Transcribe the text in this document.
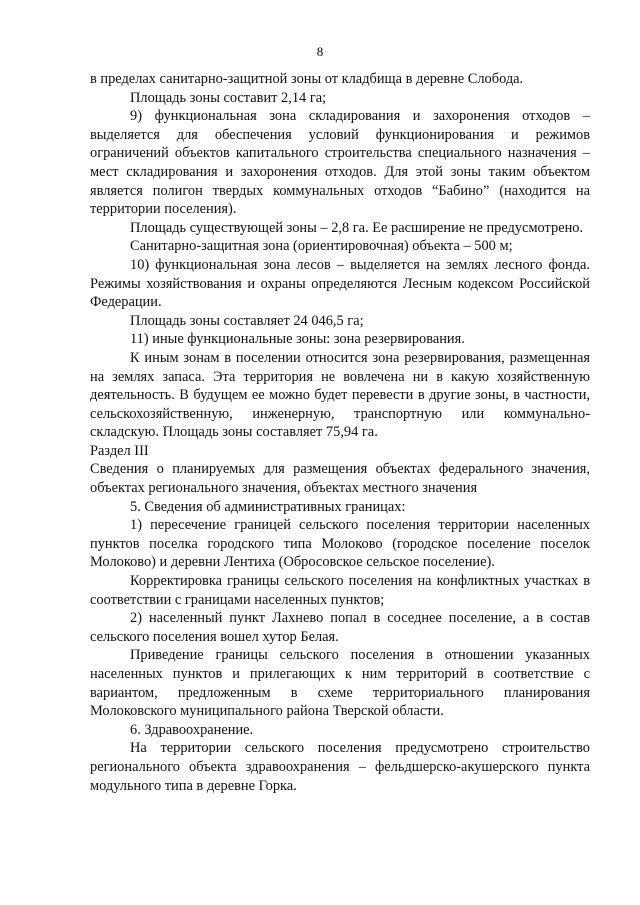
8

в пределах санитарно-защитной зоны от кладбища в деревне Слобода.

Площадь зоны составит 2,14 га;

9) функциональная зона складирования и захоронения отходов – выделяется для обеспечения условий функционирования и режимов ограничений объектов капитального строительства специального назначения – мест складирования и захоронения отходов. Для этой зоны таким объектом является полигон твердых коммунальных отходов “Бабино” (находится на территории поселения).

Площадь существующей зоны – 2,8 га. Ее расширение не предусмотрено.

Санитарно-защитная зона (ориентировочная) объекта – 500 м;

10) функциональная зона лесов – выделяется на землях лесного фонда. Режимы хозяйствования и охраны определяются Лесным кодексом Российской Федерации.

Площадь зоны составляет 24 046,5 га;

11) иные функциональные зоны: зона резервирования.

К иным зонам в поселении относится зона резервирования, размещенная на землях запаса. Эта территория не вовлечена ни в какую хозяйственную деятельность. В будущем ее можно будет перевести в другие зоны, в частности, сельскохозяйственную, инженерную, транспортную или коммунально-складскую. Площадь зоны составляет 75,94 га.

Раздел III

Сведения о планируемых для размещения объектах федерального значения, объектах регионального значения, объектах местного значения

5. Сведения об административных границах:

1) пересечение границей сельского поселения территории населенных пунктов поселка городского типа Молоково (городское поселение поселок Молоково) и деревни Лентиха (Обросовское сельское поселение).

Корректировка границы сельского поселения на конфликтных участках в соответствии с границами населенных пунктов;

2) населенный пункт Лахнево попал в соседнее поселение, а в состав сельского поселения вошел хутор Белая.

Приведение границы сельского поселения в отношении указанных населенных пунктов и прилегающих к ним территорий в соответствие с вариантом, предложенным в схеме территориального планирования Молоковского муниципального района Тверской области.

6. Здравоохранение.

На территории сельского поселения предусмотрено строительство регионального объекта здравоохранения – фельдшерско-акушерского пункта модульного типа в деревне Горка.
